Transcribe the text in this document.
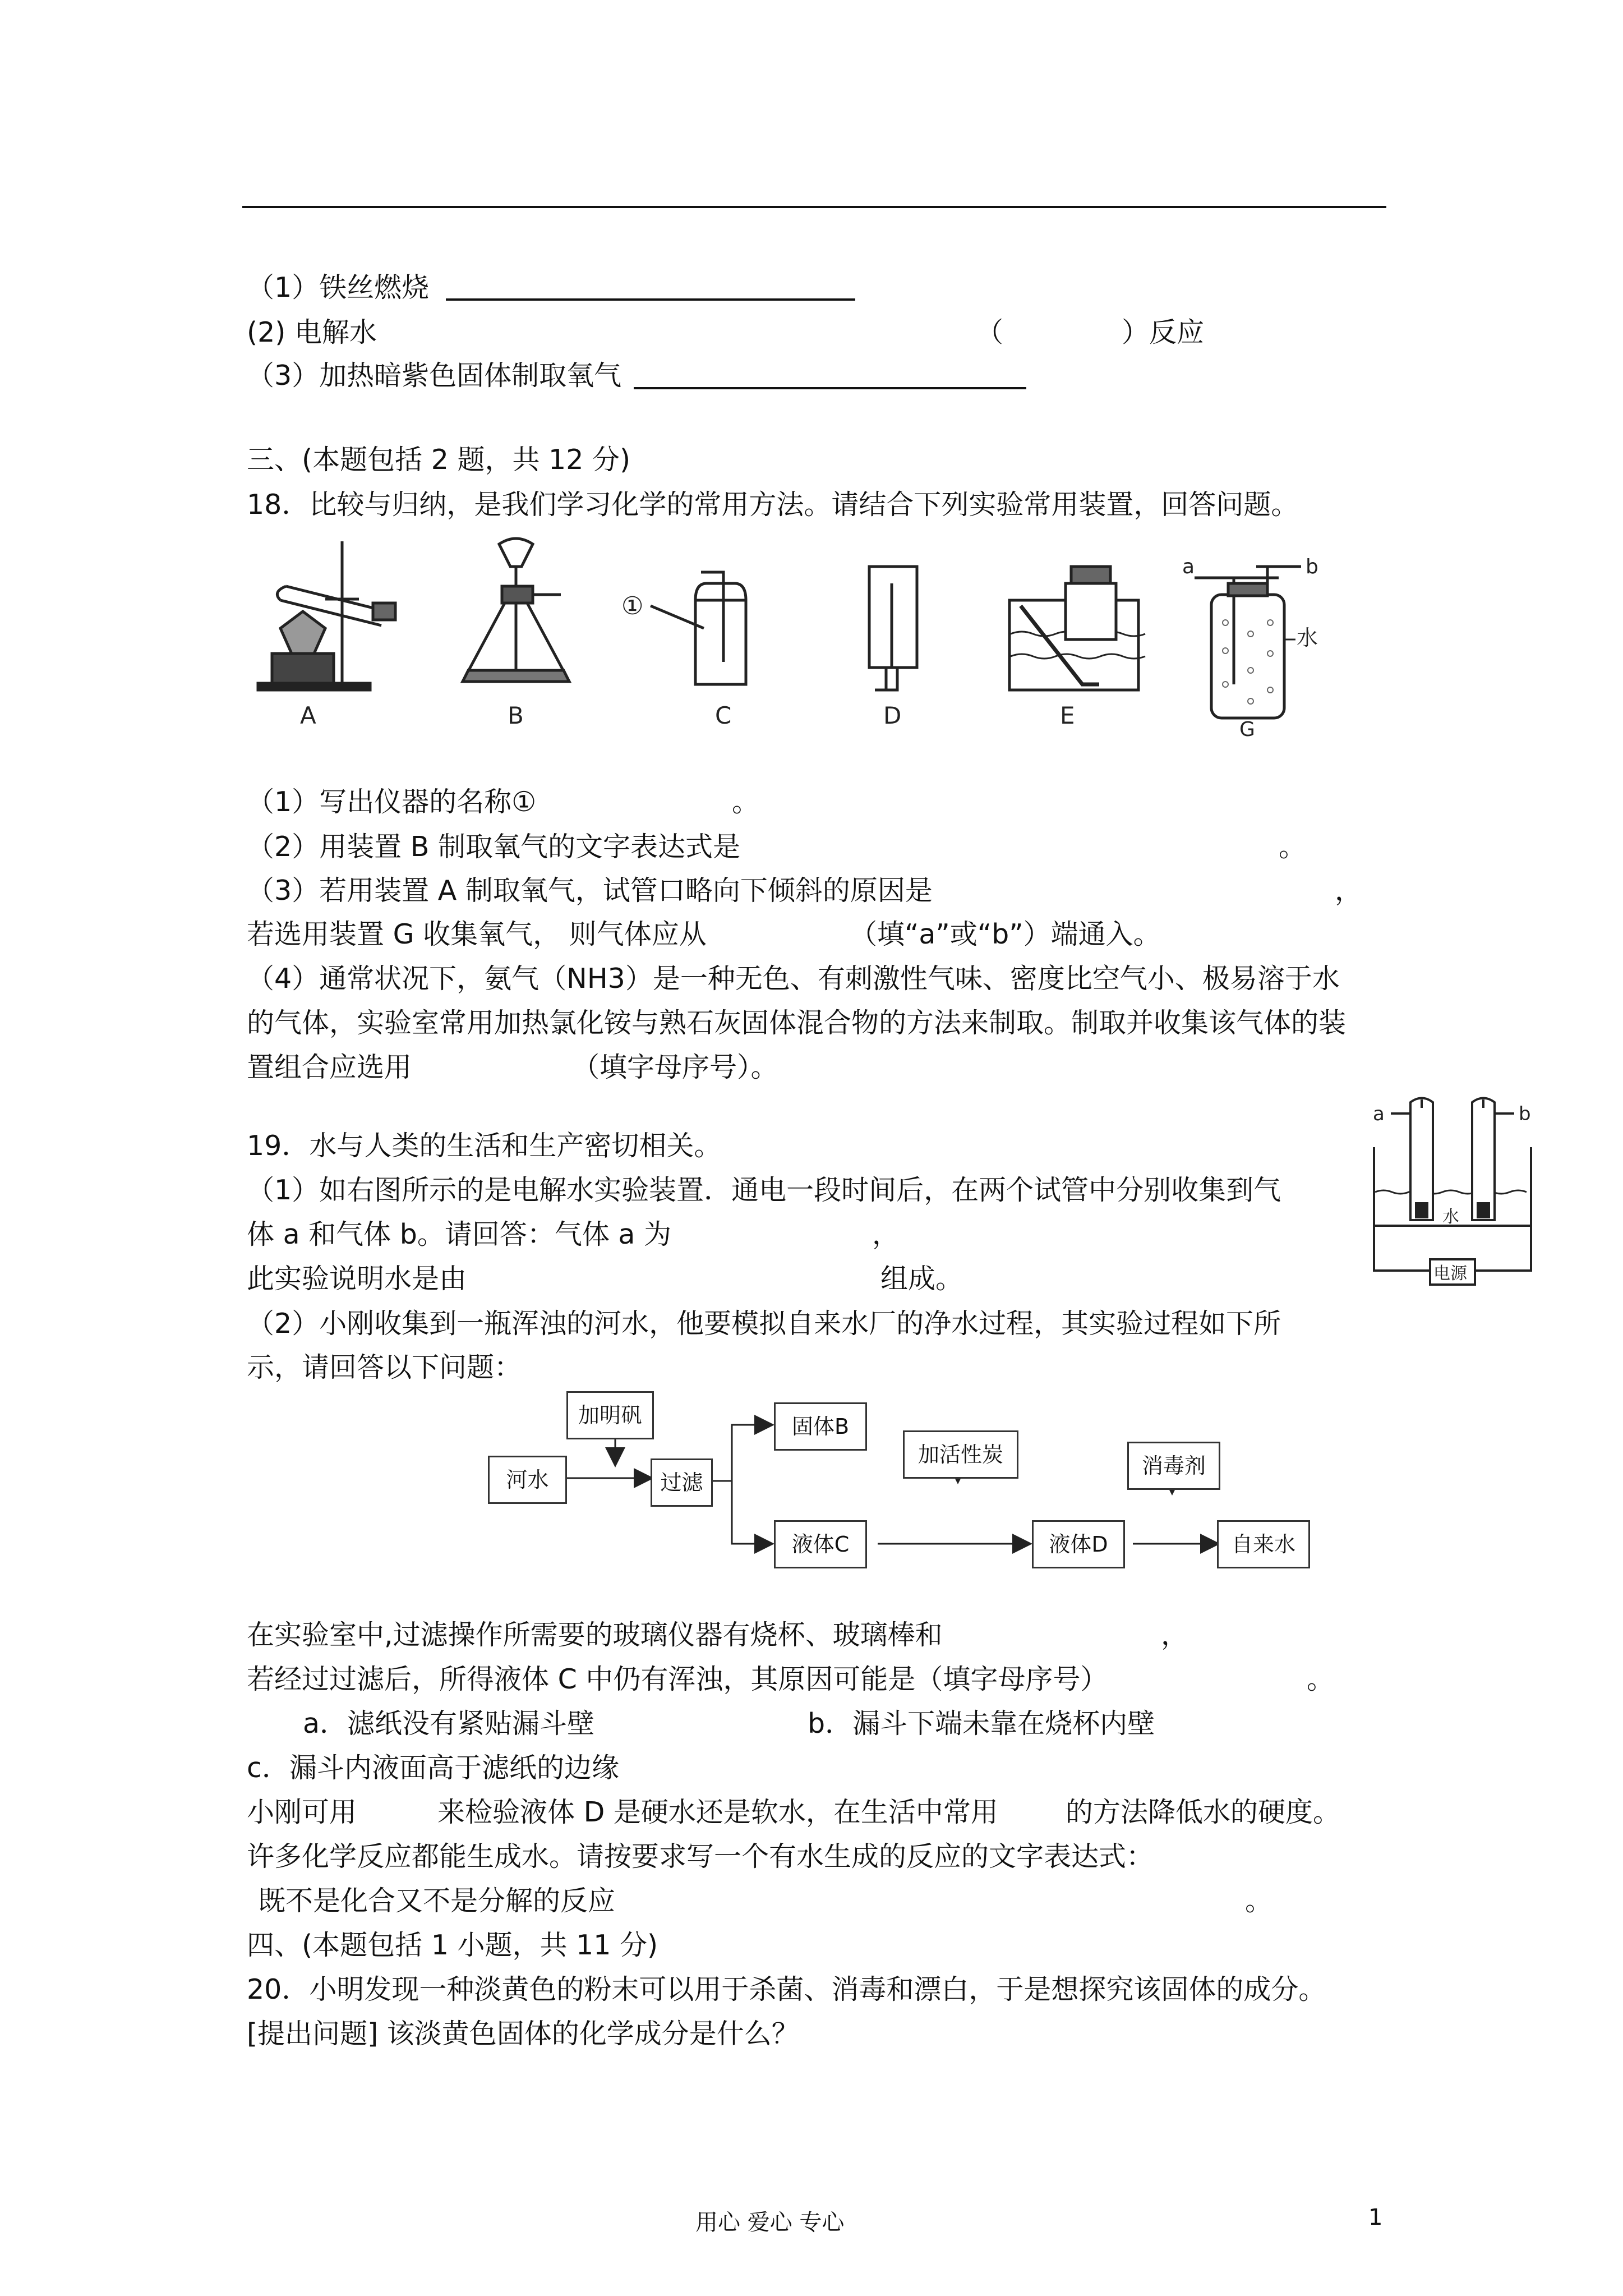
（1）铁丝燃烧
(2) 电解水	（	）反应
（3）加热暗紫色固体制取氧气
三、(本题包括 2 题，共 12 分)
18．比较与归纳，是我们学习化学的常用方法。请结合下列实验常用装置，回答问题。
①
A	B	C	D	E
G
a	b
水
（1）写出仪器的名称①	。
（2）用装置 B 制取氧气的文字表达式是	。
（3）若用装置 A 制取氧气，试管口略向下倾斜的原因是	，
若选用装置 G 收集氧气， 则气体应从	（填“a”或“b”）端通入。
（4）通常状况下，氨气（NH3）是一种无色、有刺激性气味、密度比空气小、极易溶于水
的气体，实验室常用加热氯化铵与熟石灰固体混合物的方法来制取。制取并收集该气体的装
置组合应选用	（填字母序号）。
19．水与人类的生活和生产密切相关。
（1）如右图所示的是电解水实验装置．通电一段时间后，在两个试管中分别收集到气
体 a 和气体 b。请回答：气体 a 为	，
此实验说明水是由	组成。
a	b
水
电源
（2）小刚收集到一瓶浑浊的河水，他要模拟自来水厂的净水过程，其实验过程如下所
示，请回答以下问题：
加明矾
河水	过滤
固体B
加活性炭
液体C	液体D
消毒剂
自来水
在实验室中,过滤操作所需要的玻璃仪器有烧杯、玻璃棒和	，
若经过过滤后，所得液体 C 中仍有浑浊，其原因可能是（填字母序号）	。
a．滤纸没有紧贴漏斗壁	b．漏斗下端未靠在烧杯内壁
c．漏斗内液面高于滤纸的边缘
小刚可用	来检验液体 D 是硬水还是软水，在生活中常用 的方法降低水的硬度。
许多化学反应都能生成水。请按要求写一个有水生成的反应的文字表达式：
既不是化合又不是分解的反应	。
四、(本题包括 1 小题，共 11 分)
20．小明发现一种淡黄色的粉末可以用于杀菌、消毒和漂白，于是想探究该固体的成分。
[提出问题] 该淡黄色固体的化学成分是什么？
用心 爱心 专心	1
